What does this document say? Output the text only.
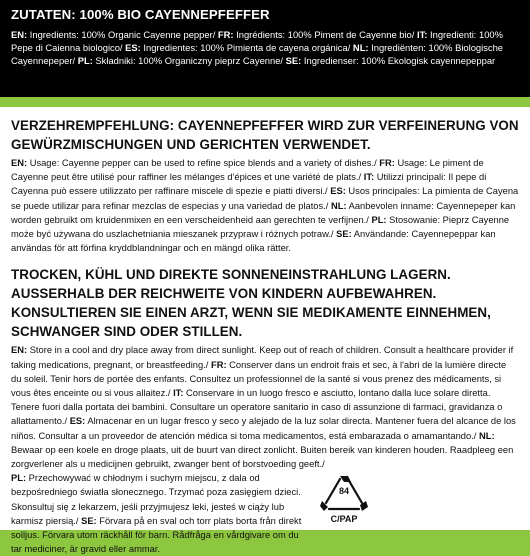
ZUTATEN: 100% BIO CAYENNEPFEFFER

EN: Ingredients: 100% Organic Cayenne pepper/ FR: Ingrédients: 100% Piment de Cayenne bio/ IT: Ingredienti: 100% Pepe di Caienna biologico/ ES: Ingredientes: 100% Pimienta de cayena orgánica/ NL: Ingrediënten: 100% Biologische Cayennepeper/ PL: Składniki: 100% Organiczny pieprz Cayenne/ SE: Ingredienser: 100% Ekologisk cayennepeppar

VERZEHREMPFEHLUNG: CAYENNEPFEFFER WIRD ZUR VERFEINERUNG VON GEWÜRZMISCHUNGEN UND GERICHTEN VERWENDET.

EN: Usage: Cayenne pepper can be used to refine spice blends and a variety of dishes./ FR: Usage: Le piment de Cayenne peut être utilisé pour raffiner les mélanges d'épices et une variété de plats./ IT: Utilizzi principali: Il pepe di Cayenna può essere utilizzato per raffinare miscele di spezie e piatti diversi./ ES: Usos principales: La pimienta de Cayena se puede utilizar para refinar mezclas de especias y una variedad de platos./ NL: Aanbevolen inname: Cayennepeper kan worden gebruikt om kruidenmixen en een verscheidenheid aan gerechten te verfijnen./ PL: Stosowanie: Pieprz Cayenne może być używana do uszlachetniania mieszanek przypraw i różnych potraw./ SE: Användande: Cayennepeppar kan användas för att förfina kryddblandningar och en mängd olika rätter.

TROCKEN, KÜHL UND DIREKTE SONNENEINSTRAHLUNG LAGERN. AUSSERHALB DER REICHWEITE VON KINDERN AUFBEWAHREN. KONSULTIEREN SIE EINEN ARZT, WENN SIE MEDIKAMENTE EINNEHMEN, SCHWANGER SIND ODER STILLEN.

EN: Store in a cool and dry place away from direct sunlight. Keep out of reach of children. Consult a healthcare provider if taking medications, pregnant, or breastfeeding./ FR: Conserver dans un endroit frais et sec, à l'abri de la lumière directe du soleil. Tenir hors de portée des enfants. Consultez un professionnel de la santé si vous prenez des médicaments, si vous êtes enceinte ou si vous allaitez./ IT: Conservare in un luogo fresco e asciutto, lontano dalla luce solare diretta. Tenere fuori dalla portata dei bambini. Consultare un operatore sanitario in caso di assunzione di farmaci, gravidanza o allattamento./ ES: Almacenar en un lugar fresco y seco y alejado de la luz solar directa. Mantener fuera del alcance de los niños. Consultar a un proveedor de atención médica si toma medicamentos, está embarazada o amamantando./ NL: Bewaar op een koele en droge plaats, uit de buurt van direct zonlicht. Buiten bereik van kinderen houden. Raadpleeg een zorgverlener als u medicijnen gebruikt, zwanger bent of borstvoeding geeft./

PL: Przechowywać w chłodnym i suchym miejscu, z dala od bezpośredniego światła słonecznego. Trzymać poza zasięgiem dzieci. Skonsultuj się z lekarzem, jeśli przyjmujesz leki, jesteś w ciąży lub karmisz piersią./ SE: Förvara på en sval och torr plats borta från direkt solljus. Förvara utom räckhåll för barn. Rådfråga en vårdgivare om du tar mediciner, är gravid eller ammar.

84
C/PAP
